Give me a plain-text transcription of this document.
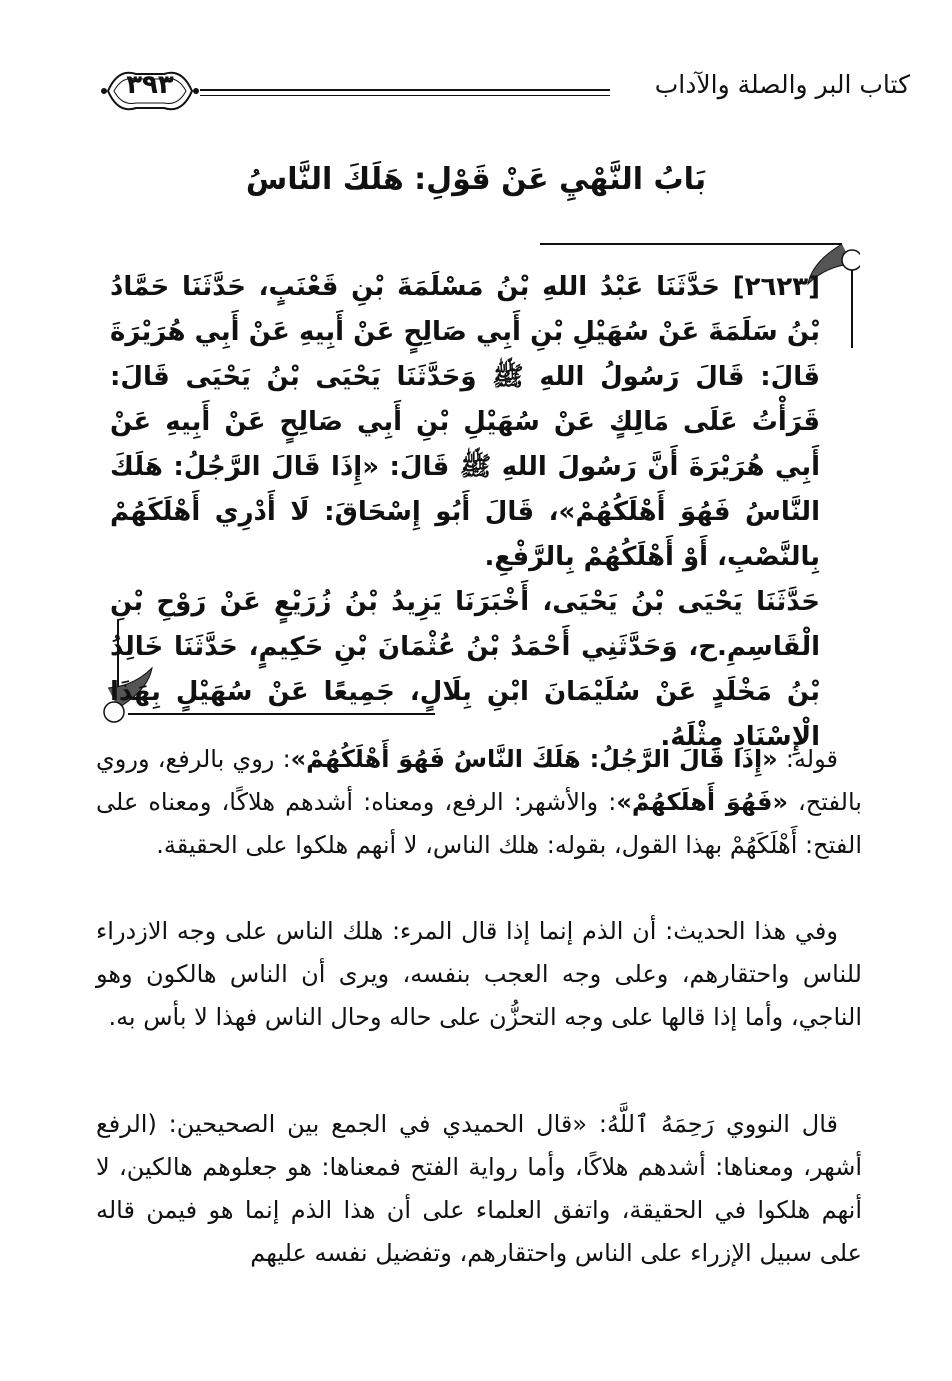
كتاب البر والصلة والآداب
٣٩٣
بَابُ النَّهْيِ عَنْ قَوْلِ: هَلَكَ النَّاسُ

[٢٦٢٣] حَدَّثَنَا عَبْدُ اللهِ بْنُ مَسْلَمَةَ بْنِ قَعْنَبٍ، حَدَّثَنَا حَمَّادُ بْنُ سَلَمَةَ عَنْ سُهَيْلِ بْنِ أَبِي صَالِحٍ عَنْ أَبِيهِ عَنْ أَبِي هُرَيْرَةَ قَالَ: قَالَ رَسُولُ اللهِ ﷺ وَحَدَّثَنَا يَحْيَى بْنُ يَحْيَى قَالَ: قَرَأْتُ عَلَى مَالِكٍ عَنْ سُهَيْلِ بْنِ أَبِي صَالِحٍ عَنْ أَبِيهِ عَنْ أَبِي هُرَيْرَةَ أَنَّ رَسُولَ اللهِ ﷺ قَالَ: «إِذَا قَالَ الرَّجُلُ: هَلَكَ النَّاسُ فَهُوَ أَهْلَكُهُمْ»، قَالَ أَبُو إِسْحَاقَ: لَا أَدْرِي أَهْلَكَهُمْ بِالنَّصْبِ، أَوْ أَهْلَكُهُمْ بِالرَّفْعِ.

حَدَّثَنَا يَحْيَى بْنُ يَحْيَى، أَخْبَرَنَا يَزِيدُ بْنُ زُرَيْعٍ عَنْ رَوْحِ بْنِ الْقَاسِمِ.ح، وَحَدَّثَنِي أَحْمَدُ بْنُ عُثْمَانَ بْنِ حَكِيمٍ، حَدَّثَنَا خَالِدُ بْنُ مَخْلَدٍ عَنْ سُلَيْمَانَ ابْنِ بِلَالٍ، جَمِيعًا عَنْ سُهَيْلٍ بِهَذَا الْإِسْنَادِ مِثْلَهُ.

قوله: «إِذَا قَالَ الرَّجُلُ: هَلَكَ النَّاسُ فَهُوَ أَهْلَكُهُمْ»: روي بالرفع، وروي بالفتح، «فَهُوَ أَهلَكهُمْ»: والأشهر: الرفع، ومعناه: أشدهم هلاكًا، ومعناه على الفتح: أَهْلَكَهُمْ بهذا القول، بقوله: هلك الناس، لا أنهم هلكوا على الحقيقة.

وفي هذا الحديث: أن الذم إنما إذا قال المرء: هلك الناس على وجه الازدراء للناس واحتقارهم، وعلى وجه العجب بنفسه، ويرى أن الناس هالكون وهو الناجي، وأما إذا قالها على وجه التحزُّن على حاله وحال الناس فهذا لا بأس به.

قال النووي رَحِمَهُ ٱللَّهُ: «قال الحميدي في الجمع بين الصحيحين: (الرفع أشهر، ومعناها: أشدهم هلاكًا، وأما رواية الفتح فمعناها: هو جعلوهم هالكين، لا أنهم هلكوا في الحقيقة، واتفق العلماء على أن هذا الذم إنما هو فيمن قاله على سبيل الإزراء على الناس واحتقارهم، وتفضيل نفسه عليهم
